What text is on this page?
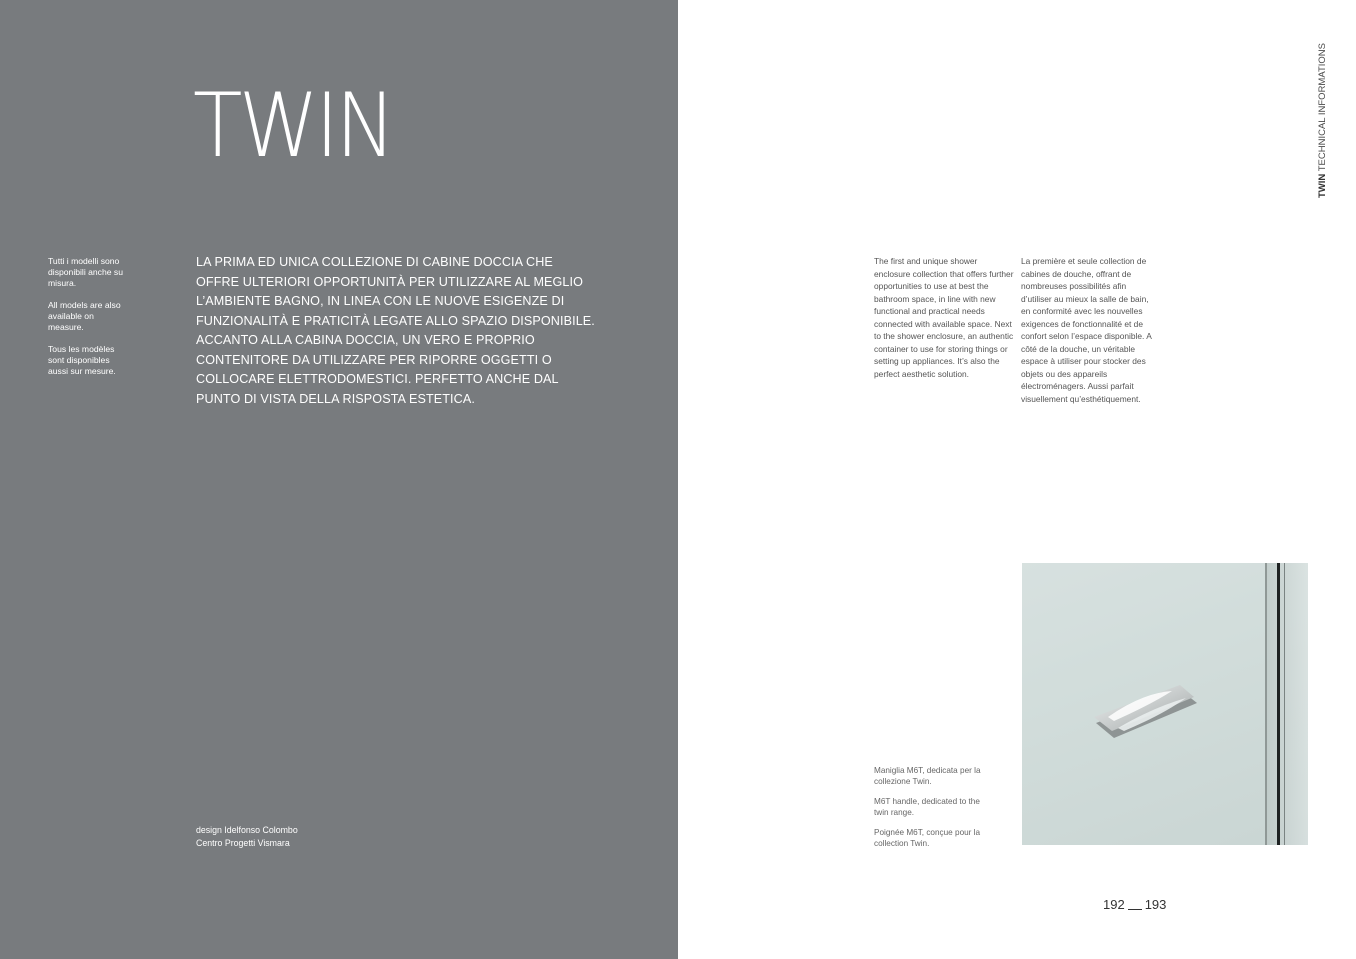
TWIN

Tutti i modelli sono disponibili anche su misura.

All models are also available on measure.

Tous les modèles sont disponibles aussi sur mesure.

LA PRIMA ED UNICA COLLEZIONE DI CABINE DOCCIA CHE OFFRE ULTERIORI OPPORTUNITÀ PER UTILIZZARE AL MEGLIO L’AMBIENTE BAGNO, IN LINEA CON LE NUOVE ESIGENZE DI FUNZIONALITÀ E PRATICITÀ LEGATE ALLO SPAZIO DISPONIBILE. ACCANTO ALLA CABINA DOCCIA, UN VERO E PROPRIO CONTENITORE DA UTILIZZARE PER RIPORRE OGGETTI O COLLOCARE ELETTRODOMESTICI. PERFETTO ANCHE DAL PUNTO DI VISTA DELLA RISPOSTA ESTETICA.

design Idelfonso Colombo
Centro Progetti Vismara
TWIN TECHNICAL INFORMATIONS

The first and unique shower enclosure collection that offers further opportunities to use at best the bathroom space, in line with new functional and practical needs connected with available space. Next to the shower enclosure, an authentic container to use for storing things or setting up appliances. It’s also the perfect aesthetic solution.

La première et seule collection de cabines de douche, offrant de nombreuses possibilités afin d’utiliser au mieux la salle de bain, en conformité avec les nouvelles exigences de fonctionnalité et de confort selon l’espace disponible. A côté de la douche, un véritable espace à utiliser pour stocker des objets ou des appareils électroménagers. Aussi parfait visuellement qu’esthétiquement.

Maniglia M6T, dedicata per la collezione Twin.

M6T handle, dedicated to the twin range.

Poignée M6T, conçue pour la collection Twin.

192 193
